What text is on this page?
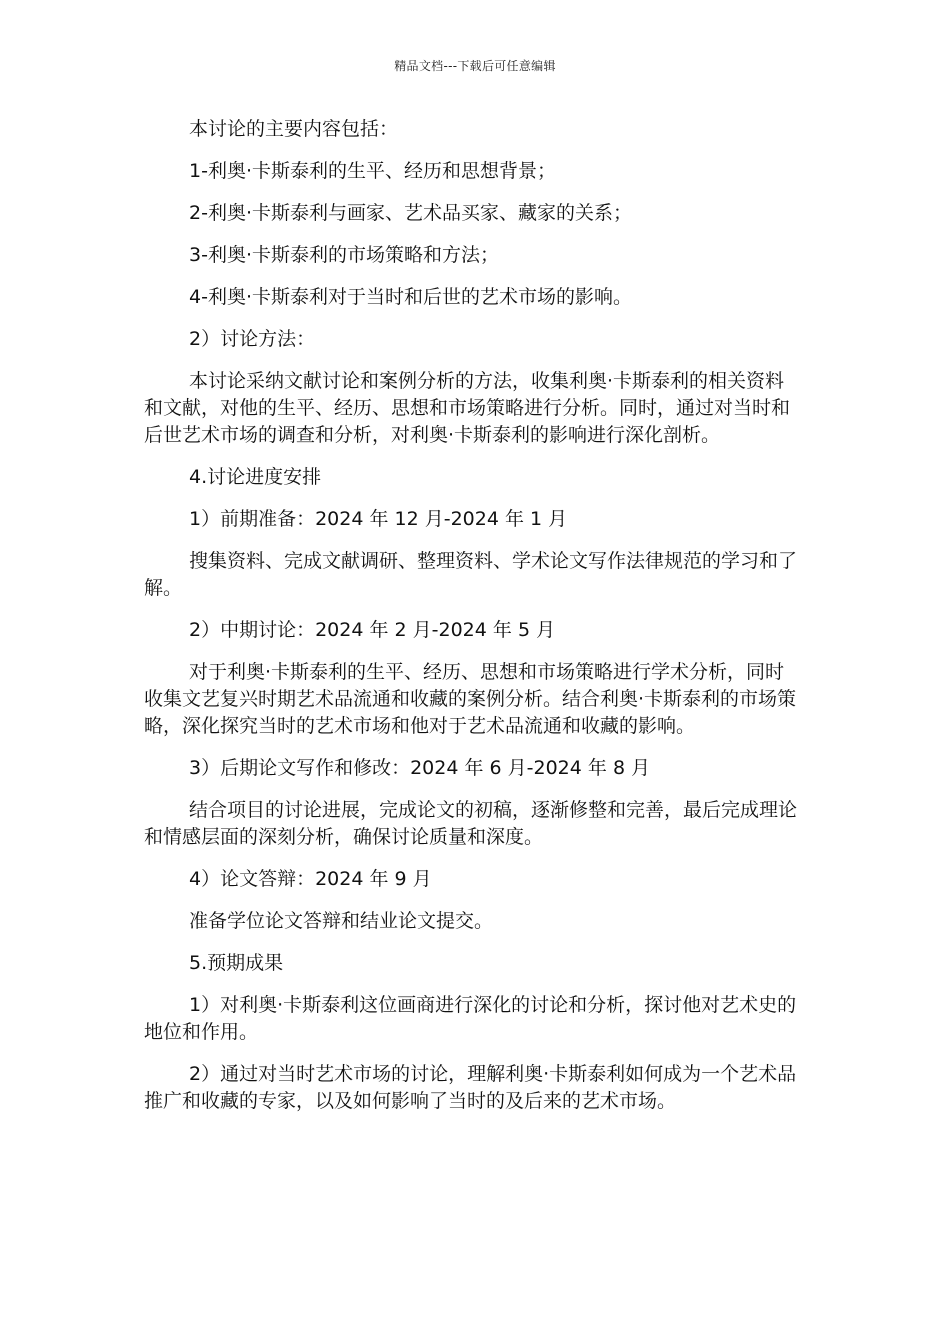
精品文档---下载后可任意编辑

本讨论的主要内容包括：

1-利奥·卡斯泰利的生平、经历和思想背景；

2-利奥·卡斯泰利与画家、艺术品买家、藏家的关系；

3-利奥·卡斯泰利的市场策略和方法；

4-利奥·卡斯泰利对于当时和后世的艺术市场的影响。

2）讨论方法：

本讨论采纳文献讨论和案例分析的方法，收集利奥·卡斯泰利的相关资料和文献，对他的生平、经历、思想和市场策略进行分析。同时，通过对当时和后世艺术市场的调查和分析，对利奥·卡斯泰利的影响进行深化剖析。

4.讨论进度安排

1）前期准备：2024 年 12 月-2024 年 1 月

搜集资料、完成文献调研、整理资料、学术论文写作法律规范的学习和了解。

2）中期讨论：2024 年 2 月-2024 年 5 月

对于利奥·卡斯泰利的生平、经历、思想和市场策略进行学术分析，同时收集文艺复兴时期艺术品流通和收藏的案例分析。结合利奥·卡斯泰利的市场策略，深化探究当时的艺术市场和他对于艺术品流通和收藏的影响。

3）后期论文写作和修改：2024 年 6 月-2024 年 8 月

结合项目的讨论进展，完成论文的初稿，逐渐修整和完善，最后完成理论和情感层面的深刻分析，确保讨论质量和深度。

4）论文答辩：2024 年 9 月

准备学位论文答辩和结业论文提交。

5.预期成果

1）对利奥·卡斯泰利这位画商进行深化的讨论和分析，探讨他对艺术史的地位和作用。

2）通过对当时艺术市场的讨论，理解利奥·卡斯泰利如何成为一个艺术品推广和收藏的专家，以及如何影响了当时的及后来的艺术市场。
